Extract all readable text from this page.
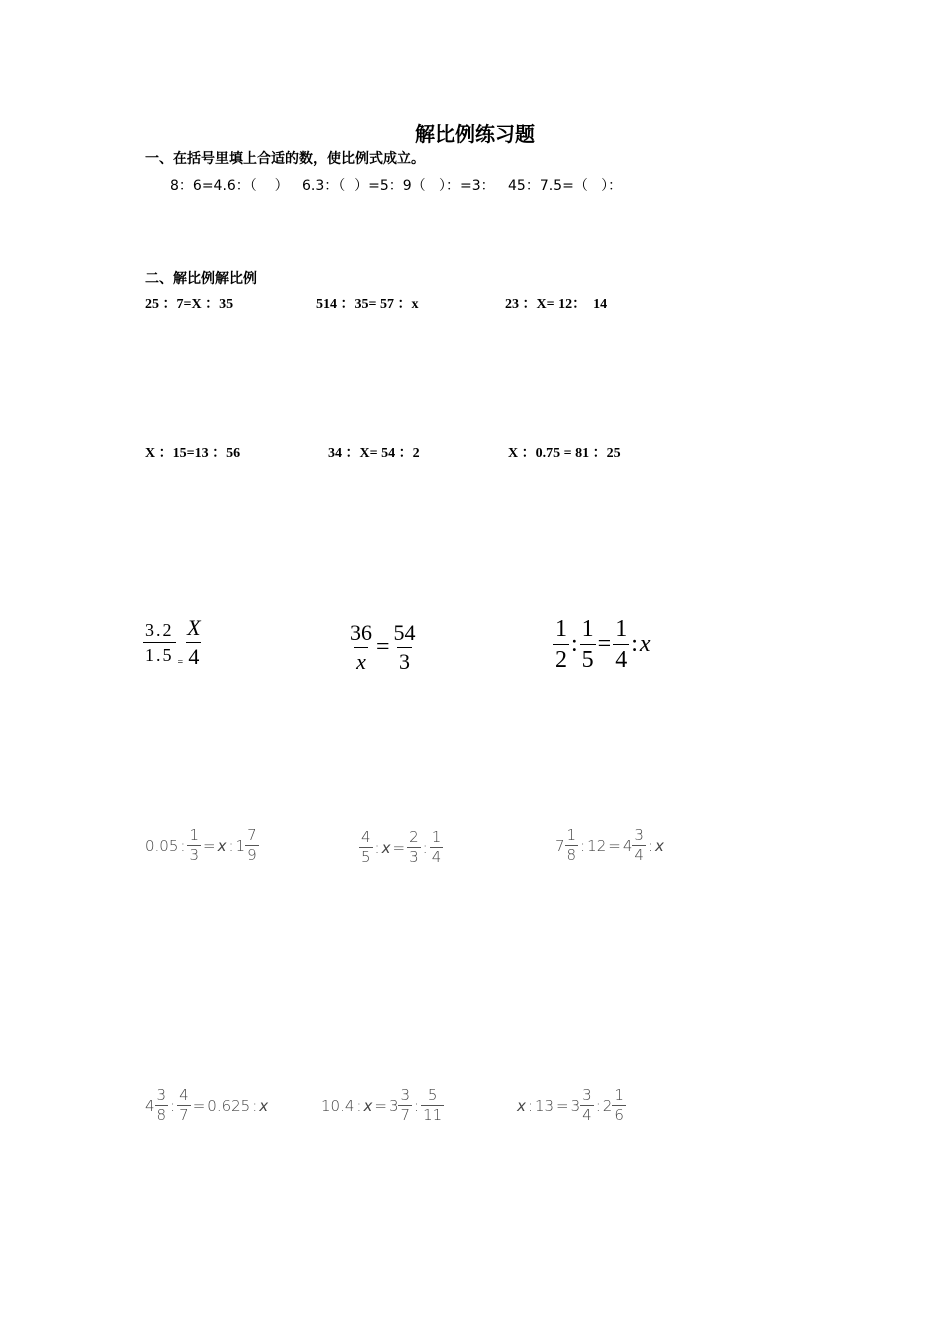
解比例练习题
一、在括号里填上合适的数，使比例式成立。
8：6=4.6：（    ）   6.3：（  ）=5：9（   ）：=3：   45：7.5=（   ）：
二、解比例解比例
25 ：7=X ：35	514 ：35= 57 ：x	23 ：X= 12：  14
X ：15=13 ：56	34 ：X= 54 ：2	X ：0.75 = 81 ：25
$\frac{3.2}{1.5} = \frac{X}{4}$	$\frac{36}{x} = \frac{54}{3}$	$\frac{1}{2}$ : $\frac{1}{5} = \frac{1}{4}$ : x
0.05 : $\frac{1}{3} = x$ : $1 \frac{7}{9}$	$\frac{4}{5}$ : $x = \frac{2}{3}$ : $\frac{1}{4}$	$7 \frac{1}{8}$ : $12 = 4 \frac{3}{4}$ : x
$4 \frac{3}{8}$ : $\frac{4}{7} = 0.625$ : x	10.4 : $x = 3 \frac{3}{7}$ : $\frac{5}{11}$	x : $13 = 3 \frac{3}{4}$ : $2 \frac{1}{6}$
